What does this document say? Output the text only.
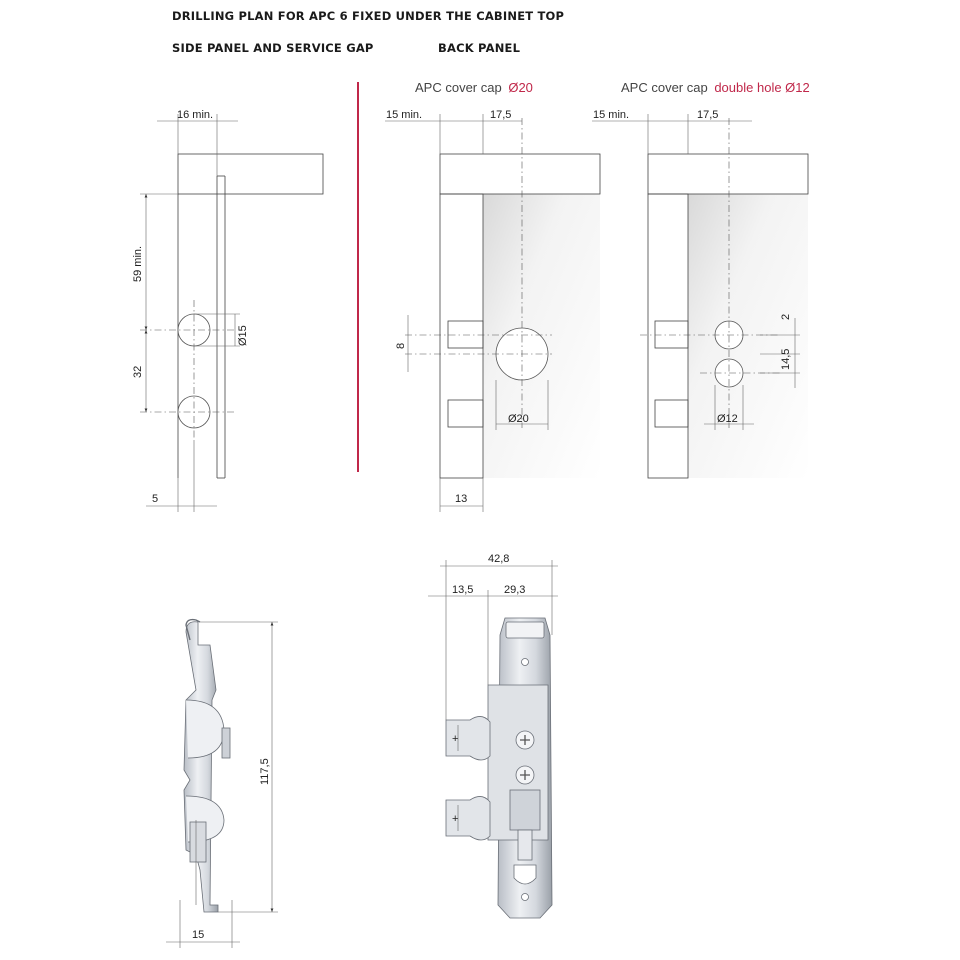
DRILLING PLAN FOR APC 6 FIXED UNDER THE CABINET TOP
SIDE PANEL AND SERVICE GAP	BACK PANEL
16 min.
59 min.
32
Ø15
5
APC cover cap Ø20
15 min.	17,5
8
Ø20
13
APC cover cap double hole Ø12
15 min.	17,5
2
14,5
Ø12
117,5
15
+
+
42,8
13,5	29,3
